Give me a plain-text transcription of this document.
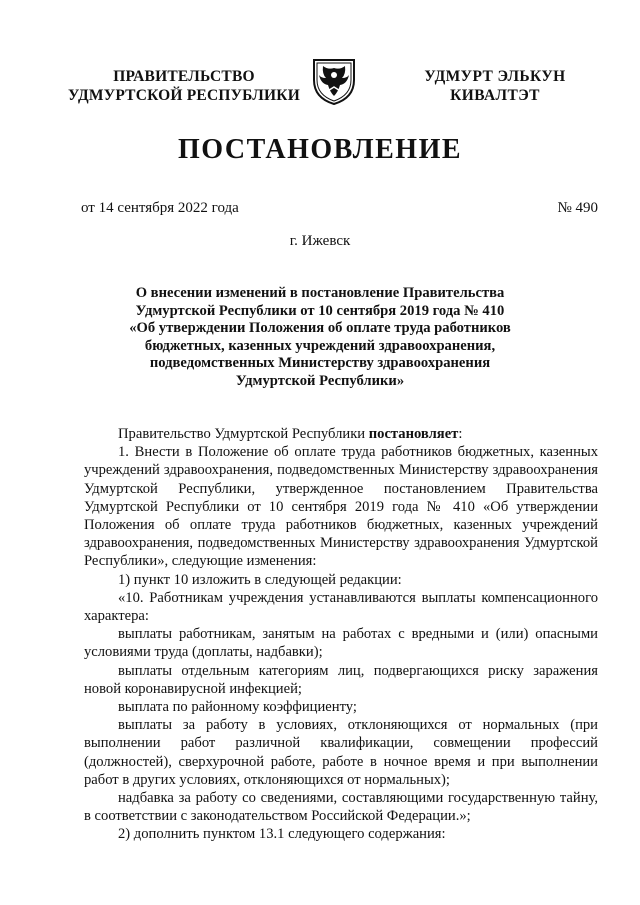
ПРАВИТЕЛЬСТВО
УДМУРТСКОЙ РЕСПУБЛИКИ
УДМУРТ ЭЛЬКУН
КИВАЛТЭТ
ПОСТАНОВЛЕНИЕ
от 14 сентября 2022 года	№ 490
г. Ижевск
О внесении изменений в постановление Правительства
Удмуртской Республики от 10 сентября 2019 года № 410
«Об утверждении Положения об оплате труда работников
бюджетных, казенных учреждений здравоохранения,
подведомственных Министерству здравоохранения
Удмуртской Республики»

Правительство Удмуртской Республики постановляет:

1. Внести в Положение об оплате труда работников бюджетных, казенных учреждений здравоохранения, подведомственных Министерству здравоохранения Удмуртской Республики, утвержденное постановлением Правительства Удмуртской Республики от 10 сентября 2019 года № 410 «Об утверждении Положения об оплате труда работников бюджетных, казенных учреждений здравоохранения, подведомственных Министерству здравоохранения Удмуртской Республики», следующие изменения:

1) пункт 10 изложить в следующей редакции:

«10. Работникам учреждения устанавливаются выплаты компенсационного характера:

выплаты работникам, занятым на работах с вредными и (или) опасными условиями труда (доплаты, надбавки);

выплаты отдельным категориям лиц, подвергающихся риску заражения новой коронавирусной инфекцией;

выплата по районному коэффициенту;

выплаты за работу в условиях, отклоняющихся от нормальных (при выполнении работ различной квалификации, совмещении профессий (должностей), сверхурочной работе, работе в ночное время и при выполнении работ в других условиях, отклоняющихся от нормальных);

надбавка за работу со сведениями, составляющими государственную тайну, в соответствии с законодательством Российской Федерации.»;

2) дополнить пунктом 13.1 следующего содержания:
